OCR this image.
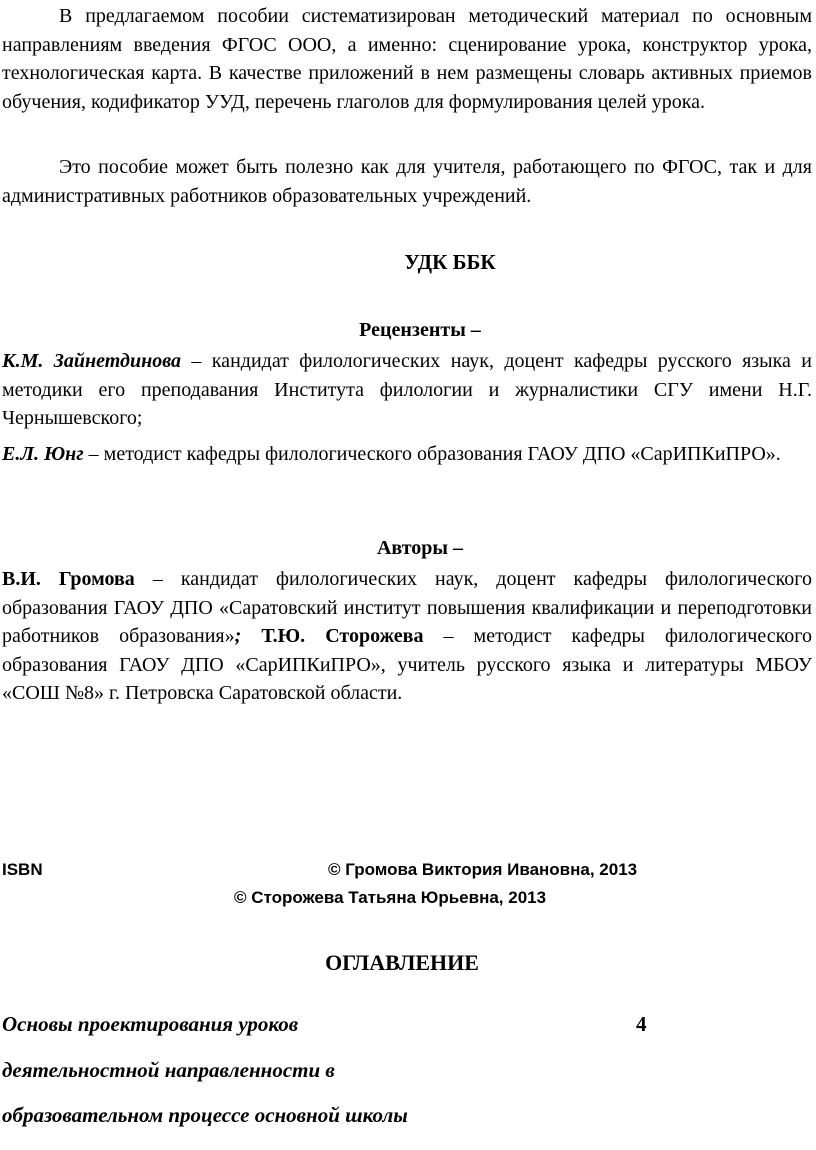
В предлагаемом пособии систематизирован методический материал по основным направлениям введения ФГОС ООО, а именно: сценирование урока, конструктор урока, технологическая карта. В качестве приложений в нем размещены словарь активных приемов обучения, кодификатор УУД, перечень глаголов для формулирования целей урока.

Это пособие может быть полезно как для учителя, работающего по ФГОС, так и для административных работников образовательных учреждений.

УДК ББК

Рецензенты –

К.М. Зайнетдинова – кандидат филологических наук, доцент кафедры русского языка и методики его преподавания Института филологии и журналистики СГУ имени Н.Г. Чернышевского;

Е.Л. Юнг – методист кафедры филологического образования ГАОУ ДПО «СарИПКиПРО».

Авторы –

В.И. Громова – кандидат филологических наук, доцент кафедры филологического образования ГАОУ ДПО «Саратовский институт повышения квалификации и переподготовки работников образования»; Т.Ю. Сторожева – методист кафедры филологического образования ГАОУ ДПО «СарИПКиПРО», учитель русского языка и литературы МБОУ «СОШ №8» г. Петровска Саратовской области.

ISBN	© Громова Виктория Ивановна, 2013

© Сторожева Татьяна Юрьевна, 2013

ОГЛАВЛЕНИЕ

Основы проектирования уроков	4

деятельностной направленности в

образовательном процессе основной школы
